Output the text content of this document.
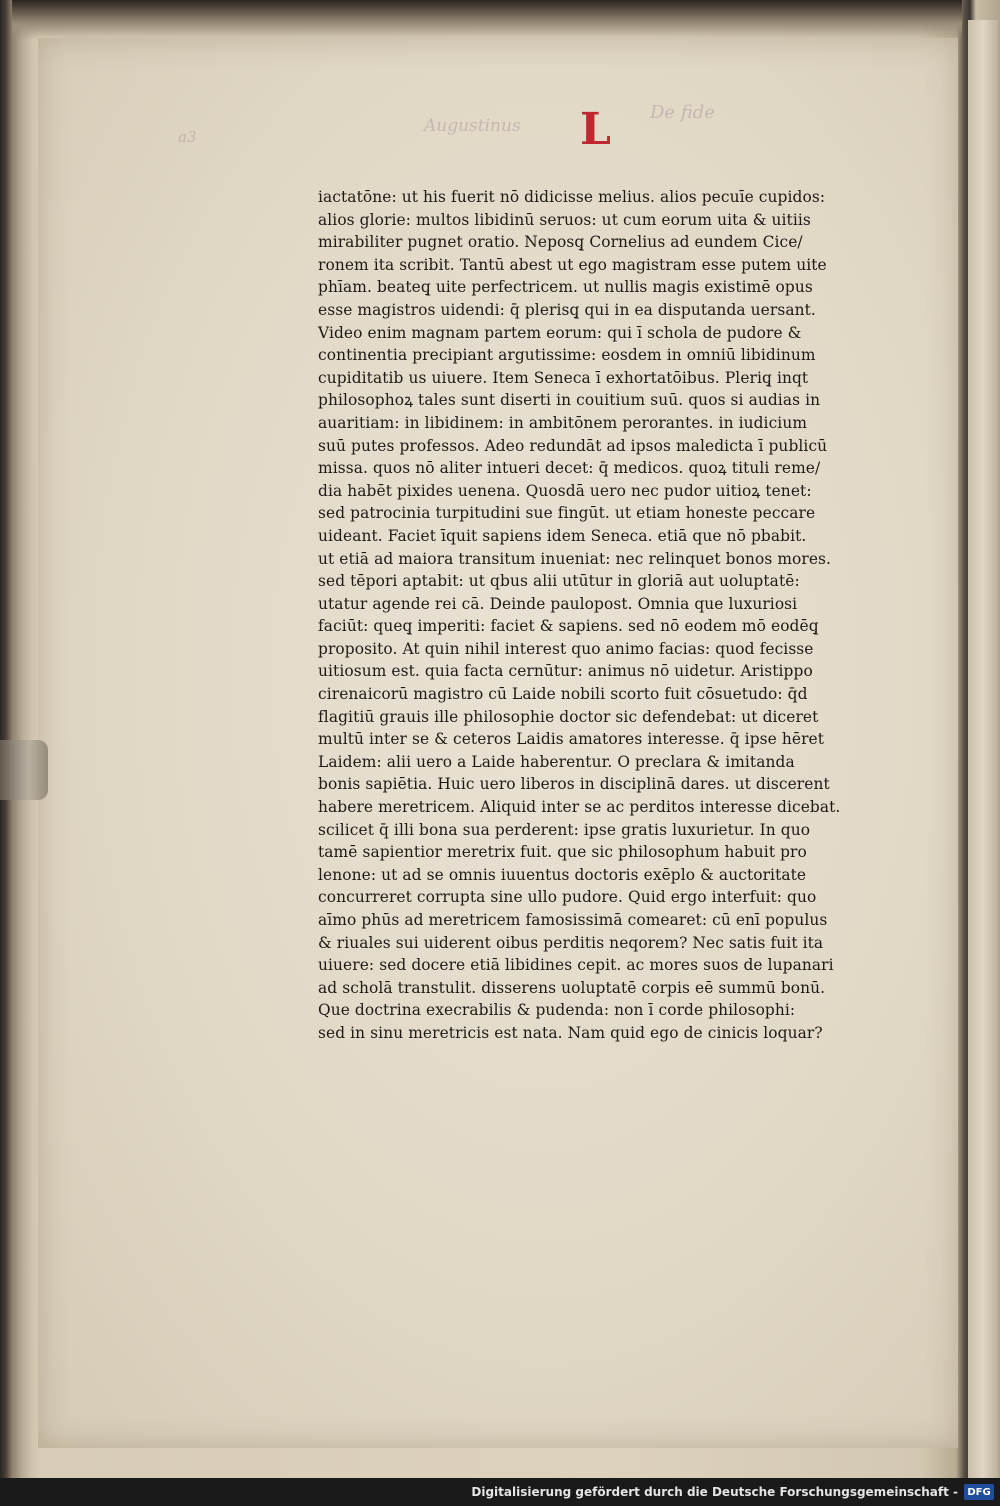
a3
Augustinus L De fide
iactatōne: ut his fuerit nō didicisse melius. alios pecuīe cupidos:
alios glorie: multos libidinū seruos: ut cum eorum uita & uitiis
mirabiliter pugnet oratio. Neposq̧ Cornelius ad eundem Cice/
ronem ita scribit. Tantū abest ut ego magistram esse putem uite
phīam. beateq̧ uite perfectricem. ut nullis magis existimē opus
esse magistros uidendi: q̄ plerisq̧ qui in ea disputanda uersant.
Video enim magnam partem eorum: qui ī schola de pudore &
continentia precipiant argutissime: eosdem in omniū libidinum
cupiditatib us uiuere. Item Seneca ī exhortatōibus. Pleriq̧ inqt
philosophoꝝ tales sunt diserti in couitium suū. quos si audias in
auaritiam: in libidinem: in ambitōnem perorantes. in iudicium
suū putes professos. Adeo redundāt ad ipsos maledicta ī publicū
missa. quos nō aliter intueri decet: q̄ medicos. quoꝝ tituli reme/
dia habēt pixides uenena. Quosdā uero nec pudor uitioꝝ tenet:
sed patrocinia turpitudini sue fingūt. ut etiam honeste peccare
uideant. Faciet īquit sapiens idem Seneca. etiā que nō pbabit.
ut etiā ad maiora transitum inueniat: nec relinquet bonos mores.
sed tēpori aptabit: ut qbus alii utūtur in gloriā aut uoluptatē:
utatur agende rei cā. Deinde paulopost. Omnia que luxuriosi
faciūt: queq̧ imperiti: faciet & sapiens. sed nō eodem mō eodēq̧
proposito. At quin nihil interest quo animo facias: quod fecisse
uitiosum est. quia facta cernūtur: animus nō uidetur. Aristippo
cirenaicorū magistro cū Laide nobili scorto fuit cōsuetudo: q̄d
flagitiū grauis ille philosophie doctor sic defendebat: ut diceret
multū inter se & ceteros Laidis amatores interesse. q̄ ipse hēret
Laidem: alii uero a Laide haberentur. O preclara & imitanda
bonis sapiētia. Huic uero liberos in disciplinā dares. ut discerent
habere meretricem. Aliquid inter se ac perditos interesse dicebat.
scilicet q̄ illi bona sua perderent: ipse gratis luxurietur. In quo
tamē sapientior meretrix fuit. que sic philosophum habuit pro
lenone: ut ad se omnis iuuentus doctoris exēplo & auctoritate
concurreret corrupta sine ullo pudore. Quid ergo interfuit: quo
aīmo phūs ad meretricem famosissimā comearet: cū enī populus
& riuales sui uiderent oibus perditis neqorem? Nec satis fuit ita
uiuere: sed docere etiā libidines cepit. ac mores suos de lupanari
ad scholā transtulit. disserens uoluptatē corpis eē summū bonū.
Que doctrina execrabilis & pudenda: non ī corde philosophi:
sed in sinu meretricis est nata. Nam quid ego de cinicis loquar?
Digitalisierung gefördert durch die Deutsche Forschungsgemeinschaft - DFG
